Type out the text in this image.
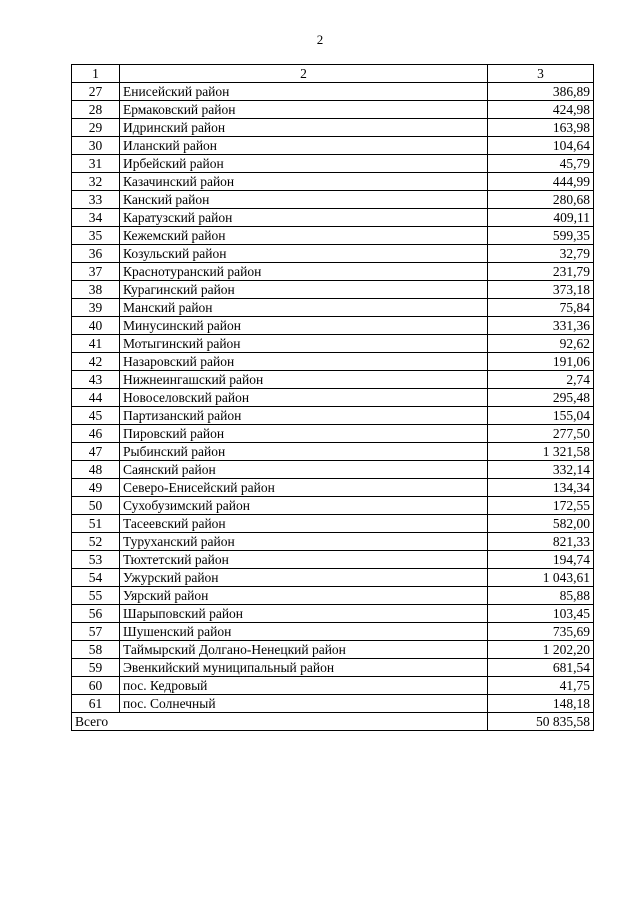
2
1	2	3
27	Енисейский район	386,89
28	Ермаковский район	424,98
29	Идринский район	163,98
30	Иланский район	104,64
31	Ирбейский район	45,79
32	Казачинский район	444,99
33	Канский район	280,68
34	Каратузский район	409,11
35	Кежемский район	599,35
36	Козульский район	32,79
37	Краснотуранский район	231,79
38	Курагинский район	373,18
39	Манский район	75,84
40	Минусинский район	331,36
41	Мотыгинский район	92,62
42	Назаровский район	191,06
43	Нижнеингашский район	2,74
44	Новоселовский район	295,48
45	Партизанский район	155,04
46	Пировский район	277,50
47	Рыбинский район	1 321,58
48	Саянский район	332,14
49	Северо-Енисейский район	134,34
50	Сухобузимский район	172,55
51	Тасеевский район	582,00
52	Туруханский район	821,33
53	Тюхтетский район	194,74
54	Ужурский район	1 043,61
55	Уярский район	85,88
56	Шарыповский район	103,45
57	Шушенский район	735,69
58	Таймырский Долгано-Ненецкий район	1 202,20
59	Эвенкийский муниципальный район	681,54
60	пос. Кедровый	41,75
61	пос. Солнечный	148,18
Всего		50 835,58
